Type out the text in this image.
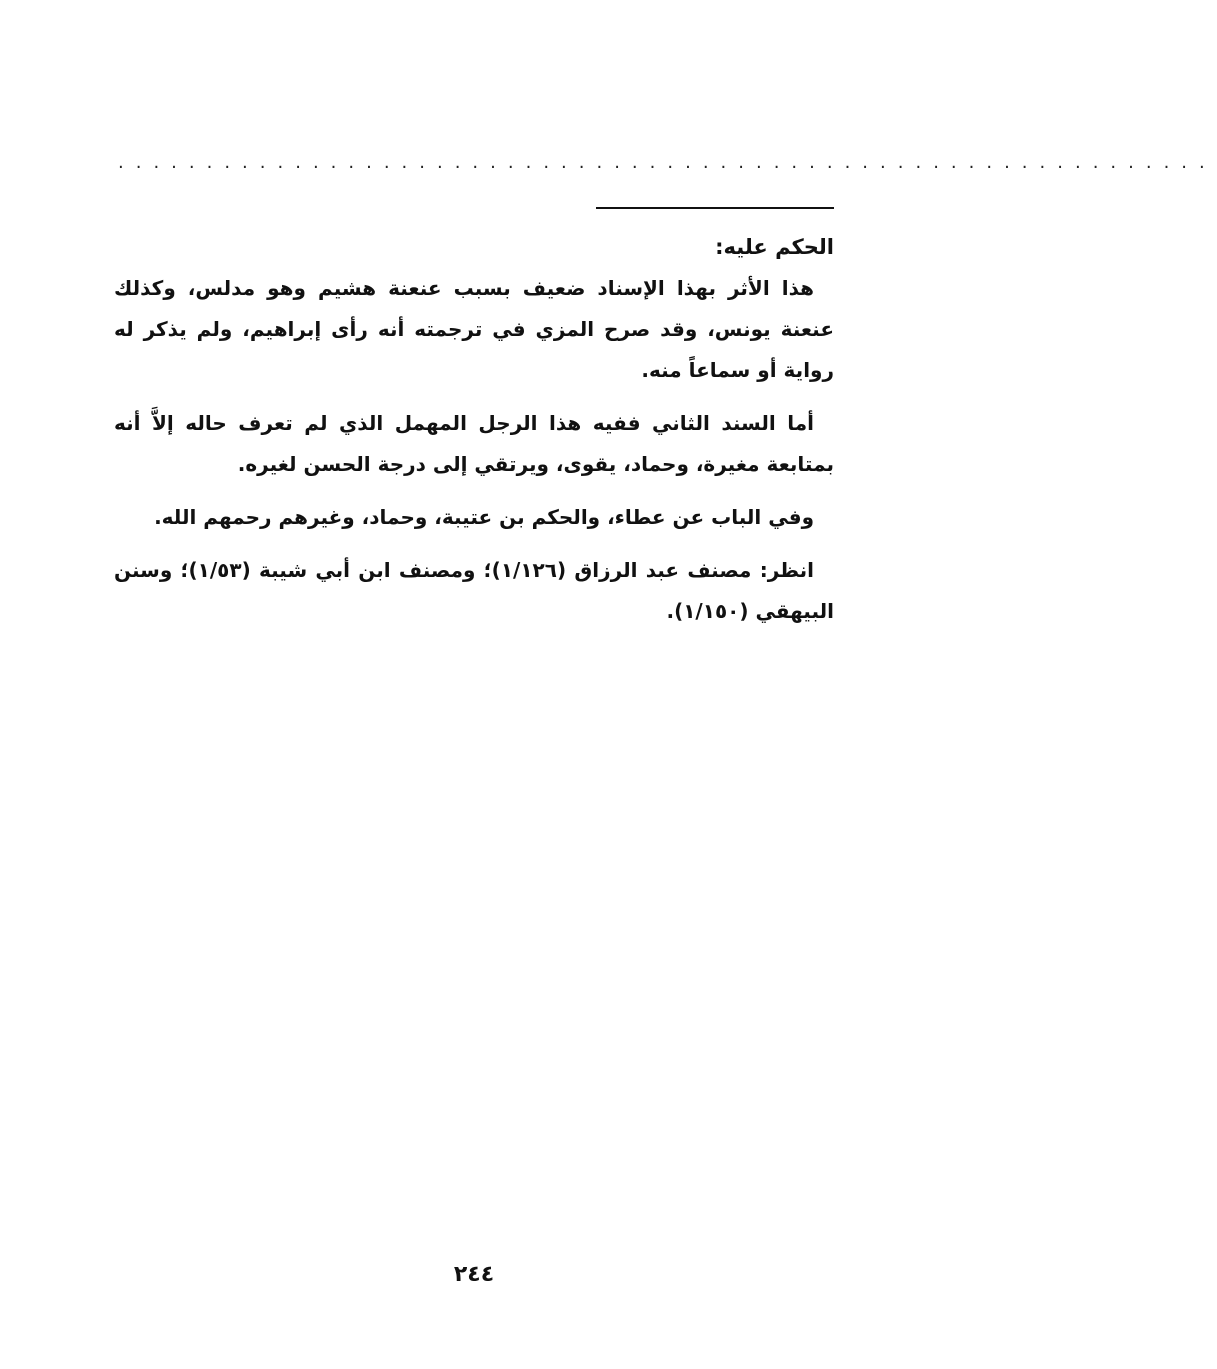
..............................................................

الحكم عليه:

هذا الأثر بهذا الإسناد ضعيف بسبب عنعنة هشيم وهو مدلس، وكذلك عنعنة يونس، وقد صرح المزي في ترجمته أنه رأى إبراهيم، ولم يذكر له رواية أو سماعاً منه.

أما السند الثاني ففيه هذا الرجل المهمل الذي لم تعرف حاله إلاَّ أنه بمتابعة مغيرة، وحماد، يقوى، ويرتقي إلى درجة الحسن لغيره.

وفي الباب عن عطاء، والحكم بن عتيبة، وحماد، وغيرهم رحمهم الله.

انظر: مصنف عبد الرزاق (١/١٢٦)؛ ومصنف ابن أبي شيبة (١/٥٣)؛ وسنن البيهقي (١/١٥٠).

٢٤٤
